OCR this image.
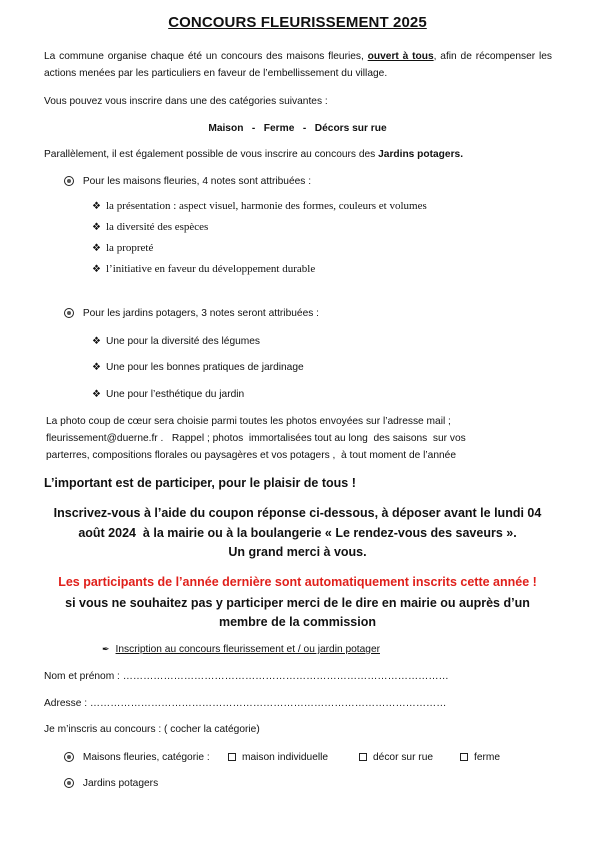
CONCOURS FLEURISSEMENT 2025
La commune organise chaque été un concours des maisons fleuries, ouvert à tous, afin de récompenser les actions menées par les particuliers en faveur de l’embellissement du village.
Vous pouvez vous inscrire dans une des catégories suivantes :
Maison   -   Ferme   -   Décors sur rue
Parallèlement, il est également possible de vous inscrire au concours des Jardins potagers.
Pour les maisons fleuries, 4 notes sont attribuées :
❖ la présentation : aspect visuel, harmonie des formes, couleurs et volumes
❖ la diversité des espèces
❖ la propreté
❖ l’initiative en faveur du développement durable
Pour les jardins potagers, 3 notes seront attribuées :
❖ Une pour la diversité des légumes
❖ Une pour les bonnes pratiques de jardinage
❖ Une pour l’esthétique du jardin
La photo coup de cœur sera choisie parmi toutes les photos envoyées sur l’adresse mail ;
fleurissement@duerne.fr .   Rappel ; photos  immortalisées tout au long  des saisons  sur vos
parterres, compositions florales ou paysagères et vos potagers ,  à tout moment de l’année
L’important est de participer, pour le plaisir de tous !
Inscrivez-vous à l’aide du coupon réponse ci-dessous, à déposer avant le lundi 04
août 2024  à la mairie ou à la boulangerie « Le rendez-vous des saveurs ».
Un grand merci à vous.
Les participants de l’année dernière sont automatiquement inscrits cette année !
si vous ne souhaitez pas y participer merci de le dire en mairie ou auprès d’un
membre de la commission
✒ Inscription au concours fleurissement et / ou jardin potager
Nom et prénom : ……………………………………………………………………………………
Adresse : ……………………………………………………………………………………………
Je m’inscris au concours : ( cocher la catégorie)
Maisons fleuries, catégorie :	maison individuelle	décor sur rue	ferme
Jardins potagers
